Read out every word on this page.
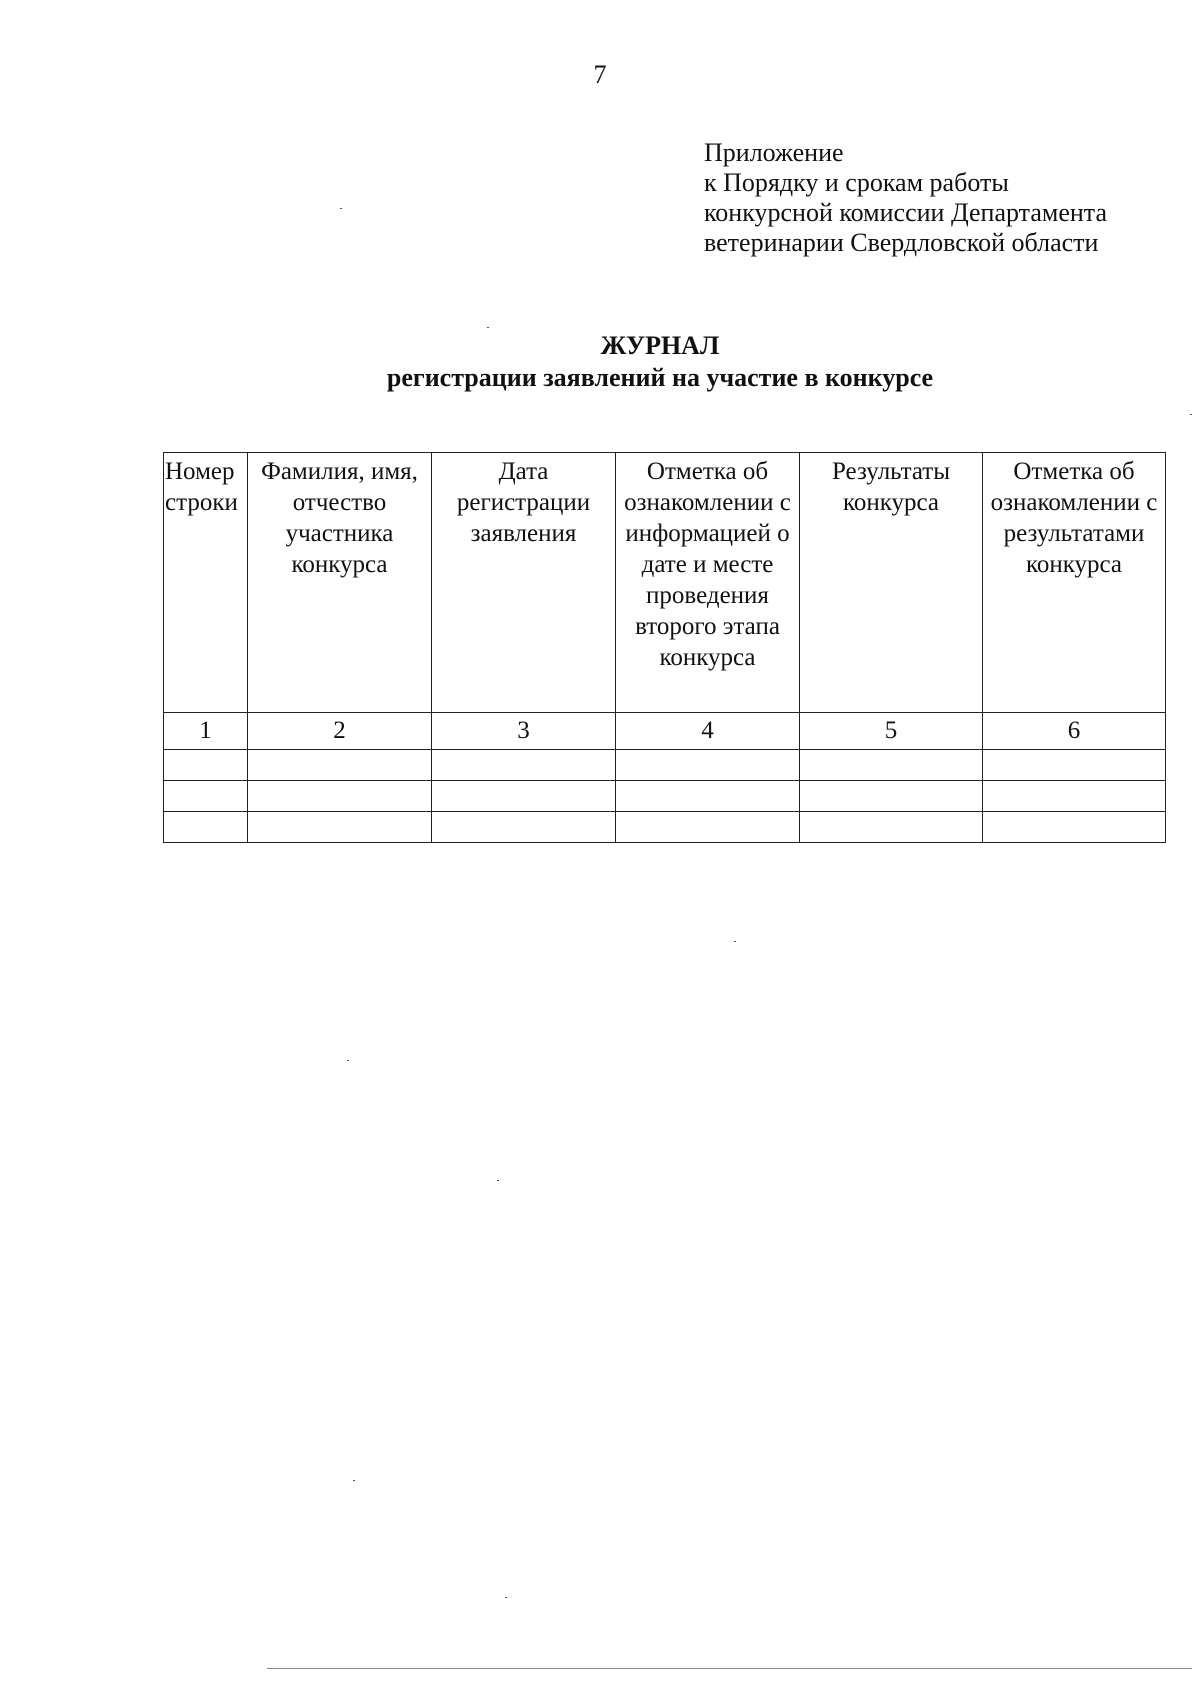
7
Приложение
к Порядку и срокам работы
конкурсной комиссии Департамента
ветеринарии Свердловской области
ЖУРНАЛ
регистрации заявлений на участие в конкурсе
Номер строки	Фамилия, имя, отчество участника конкурса	Дата регистрации заявления	Отметка об ознакомлении с информацией о дате и месте проведения второго этапа конкурса	Результаты конкурса	Отметка об ознакомлении с результатами конкурса
1	2	3	4	5	6
